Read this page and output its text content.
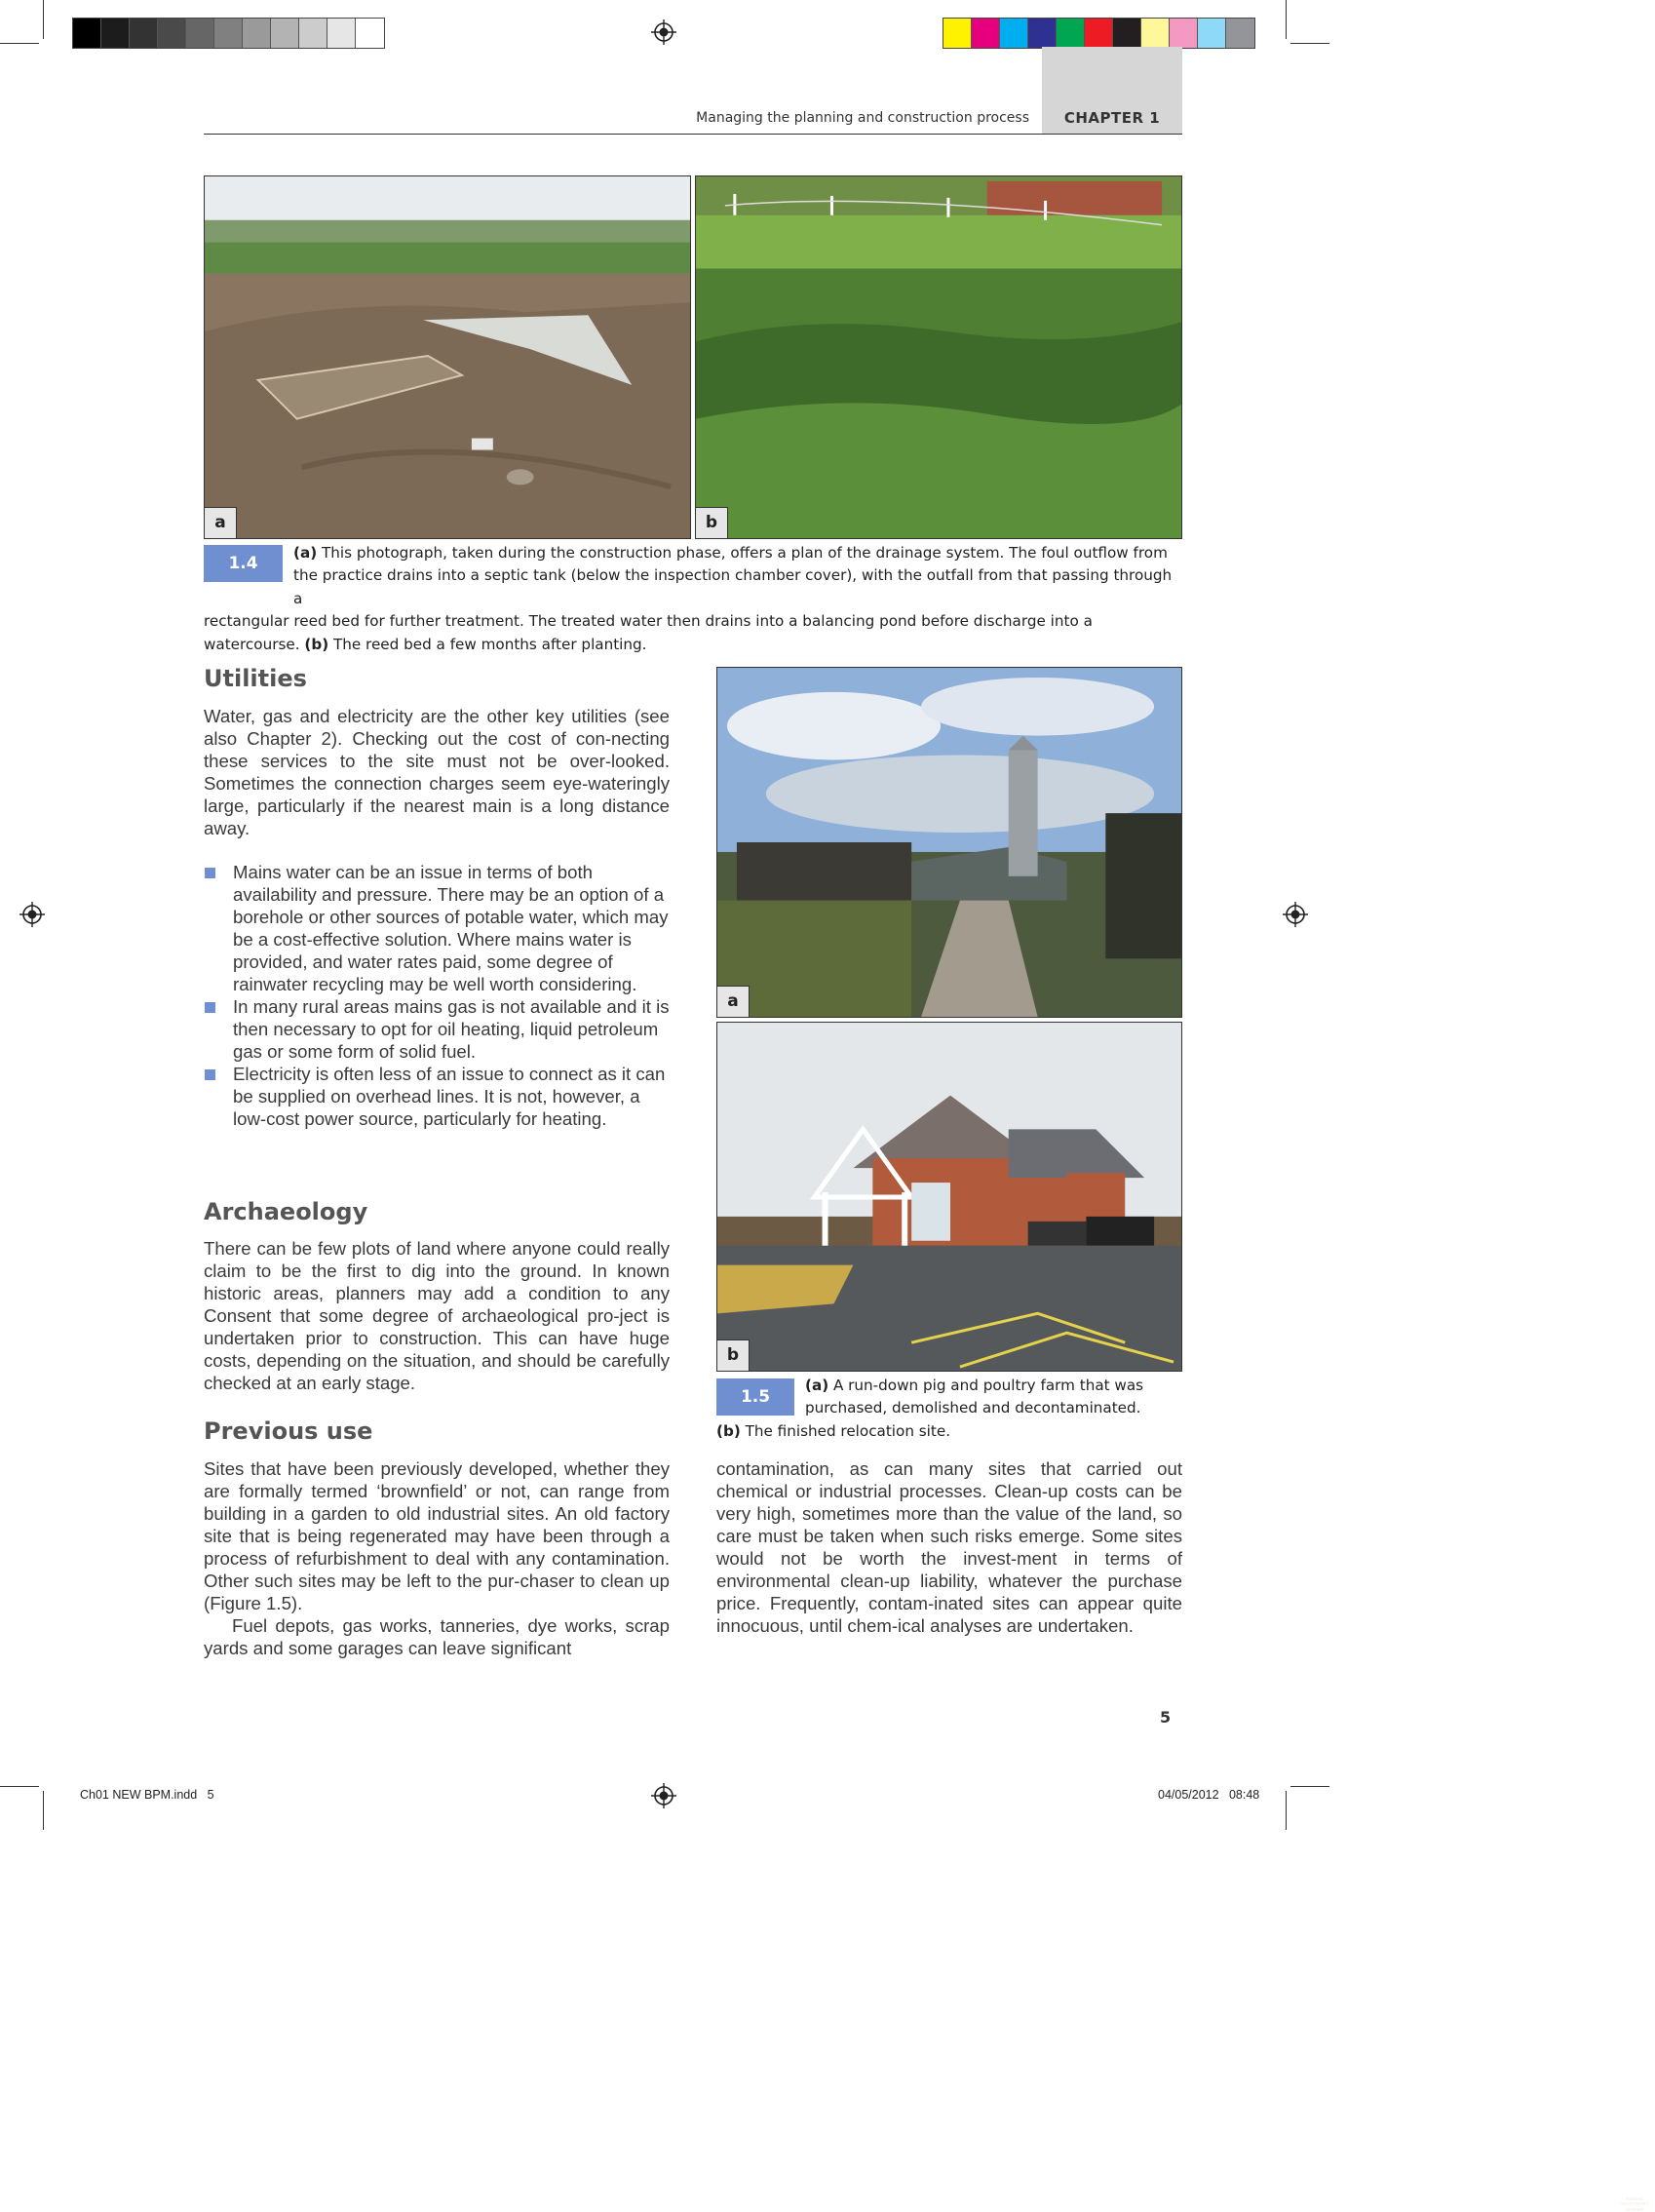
CHAPTER 1
Managing the planning and construction process
a	b
1.4
(a) This photograph, taken during the construction phase, offers a plan of the drainage system. The foul outflow from
the practice drains into a septic tank (below the inspection chamber cover), with the outfall from that passing through a
rectangular reed bed for further treatment. The treated water then drains into a balancing pond before discharge into a
watercourse. (b) The reed bed a few months after planting.
Utilities

Water, gas and electricity are the other key utilities (see also Chapter 2). Checking out the cost of con-necting these services to the site must not be over-looked. Sometimes the connection charges seem eye-wateringly large, particularly if the nearest main is a long distance away.

Mains water can be an issue in terms of both availability and pressure. There may be an option of a borehole or other sources of potable water, which may be a cost-effective solution. Where mains water is provided, and water rates paid, some degree of rainwater recycling may be well worth considering.
In many rural areas mains gas is not available and it is then necessary to opt for oil heating, liquid petroleum gas or some form of solid fuel.
Electricity is often less of an issue to connect as it can be supplied on overhead lines. It is not, however, a low-cost power source, particularly for heating.
Archaeology

There can be few plots of land where anyone could really claim to be the first to dig into the ground. In known historic areas, planners may add a condition to any Consent that some degree of archaeological pro-ject is undertaken prior to construction. This can have huge costs, depending on the situation, and should be carefully checked at an early stage.

Previous use

Sites that have been previously developed, whether they are formally termed ‘brownfield’ or not, can range from building in a garden to old industrial sites. An old factory site that is being regenerated may have been through a process of refurbishment to deal with any contamination. Other such sites may be left to the pur-chaser to clean up (Figure 1.5).

Fuel depots, gas works, tanneries, dye works, scrap yards and some garages can leave significant

a
ROWAN
VETERINARY
CENTRE
b
1.5
(a) A run-down pig and poultry farm that was
purchased, demolished and decontaminated.
(b) The finished relocation site.

contamination, as can many sites that carried out chemical or industrial processes. Clean-up costs can be very high, sometimes more than the value of the land, so care must be taken when such risks emerge. Some sites would not be worth the invest-ment in terms of environmental clean-up liability, whatever the purchase price. Frequently, contam-inated sites can appear quite innocuous, until chem-ical analyses are undertaken.

5
Ch01 NEW BPM.indd   5	04/05/2012   08:48
